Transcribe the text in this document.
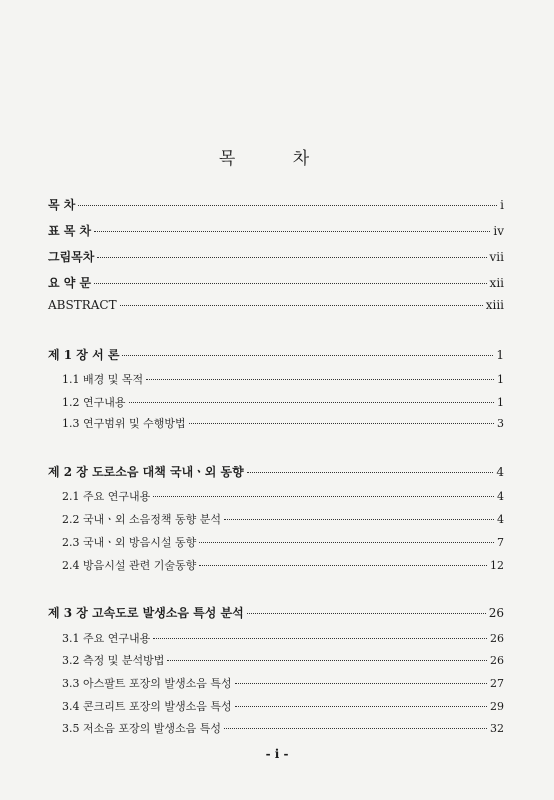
목 차
목 차	i
표 목 차	iv
그림목차	vii
요 약 문	xii
ABSTRACT	xiii
제 1 장 서 론	1
1.1 배경 및 목적	1
1.2 연구내용	1
1.3 연구범위 및 수행방법	3
제 2 장 도로소음 대책 국내ㆍ외 동향	4
2.1 주요 연구내용	4
2.2 국내ㆍ외 소음정책 동향 분석	4
2.3 국내ㆍ외 방음시설 동향	7
2.4 방음시설 관련 기술동향	12
제 3 장 고속도로 발생소음 특성 분석	26
3.1 주요 연구내용	26
3.2 측정 및 분석방법	26
3.3 아스팔트 포장의 발생소음 특성	27
3.4 콘크리트 포장의 발생소음 특성	29
3.5 저소음 포장의 발생소음 특성	32
- i -
